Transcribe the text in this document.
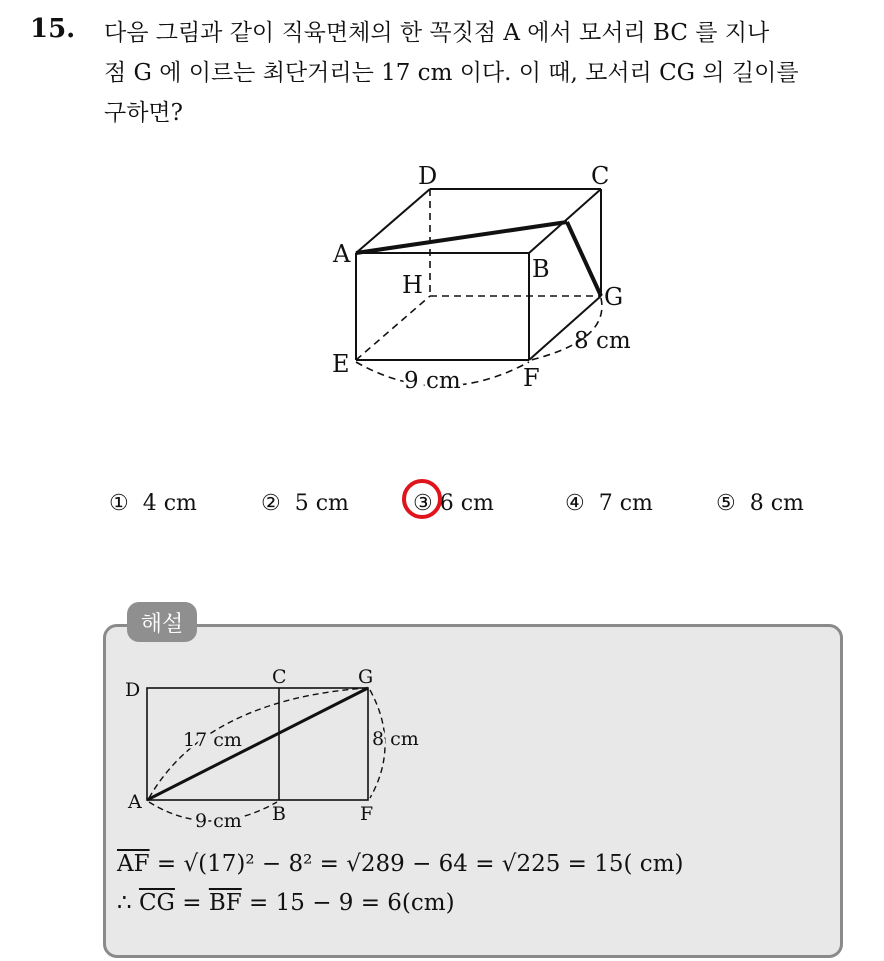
15. 다음 그림과 같이 직육면체의 한 꼭짓점 A 에서 모서리 BC 를 지나
점 G 에 이르는 최단거리는 17 cm 이다. 이 때, 모서리 CG 의 길이를
구하면?
D	C
A
B
H	G
E	F
8 cm
9 cm
① 4 cm	② 5 cm	③ 6 cm	④ 7 cm	⑤ 8 cm
해설
D
C	G
A
B	F
17 cm	8 cm
9 cm
$\overline{AF} = √(17)^2 - 8^2 = √289 - 64 = √225 = 15$( cm)
∴ $\overline{CG} = \overline{BF} = 15 - 9 = 6(cm)$
